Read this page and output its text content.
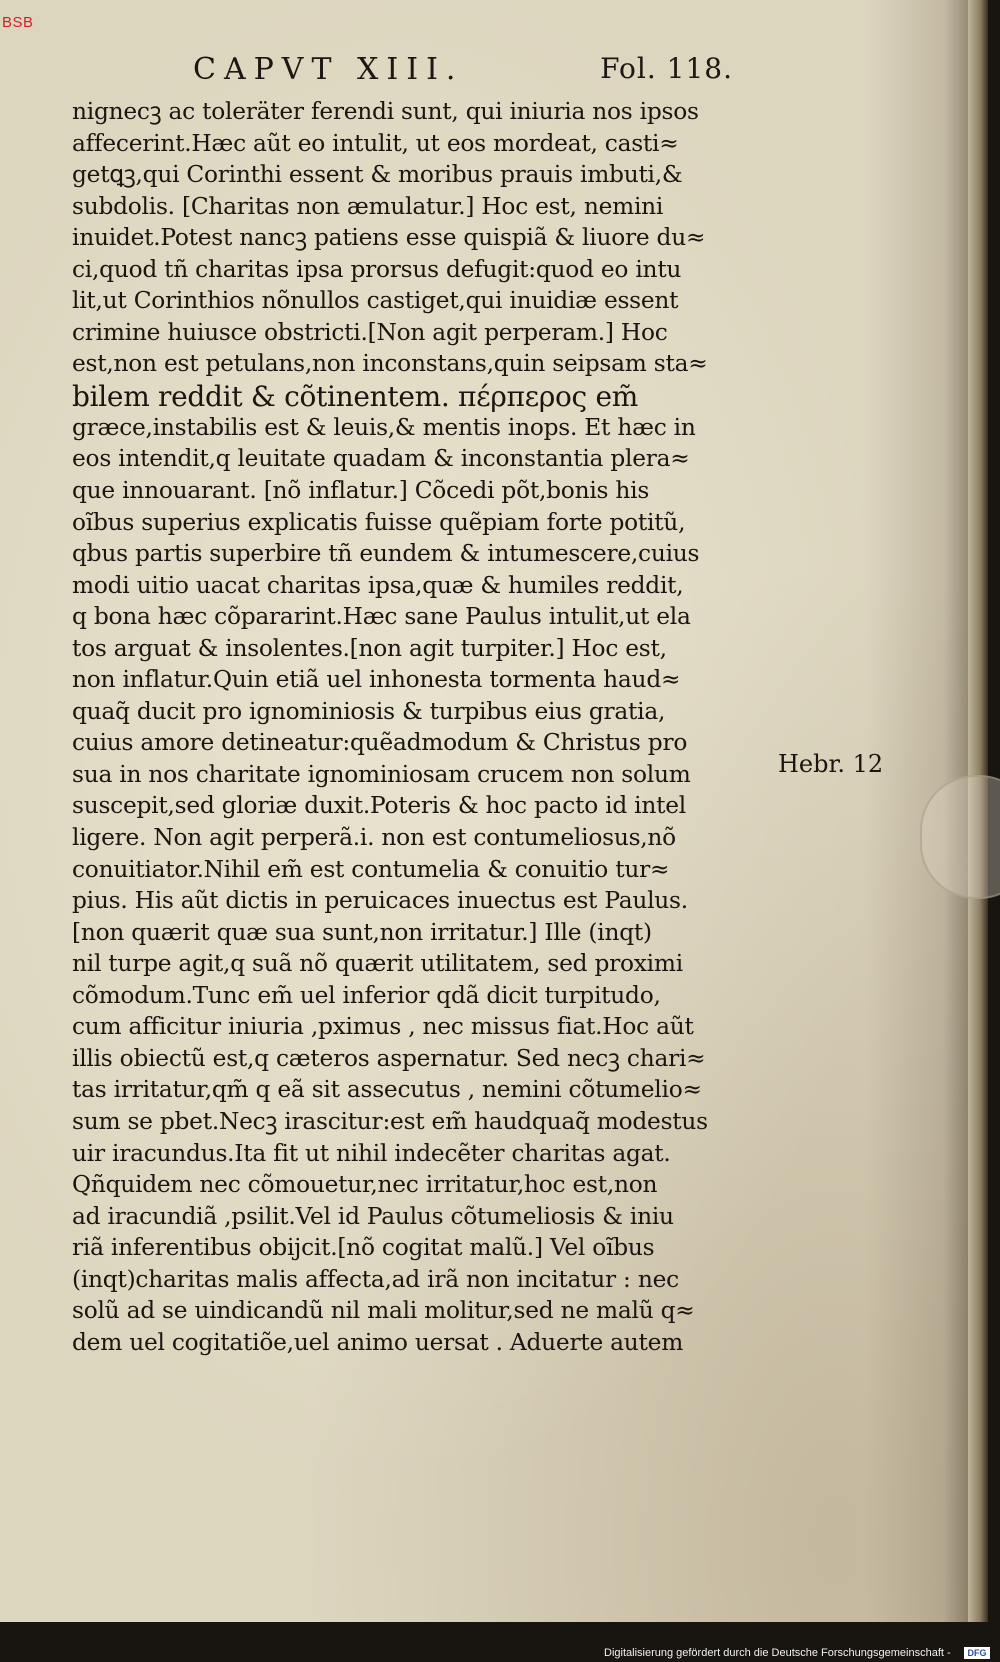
CAPVT XIII.	Fol. 118.
nignecꝫ ac toleräter ferendi sunt, qui iniuria nos ipsos
affecerint.Hæc aũt eo intulit, ut eos mordeat, casti≈
getꝗꝫ,qui Corinthi essent & moribus prauis imbuti,&
subdolis. [Charitas non æmulatur.] Hoc est, nemini
inuidet.Potest nancꝫ patiens esse quispiã & liuore du≈
ci,quod tñ charitas ipsa prorsus defugit:quod eo intu
lit,ut Corinthios nõnullos castiget,qui inuidiæ essent
crimine huiusce obstricti.[Non agit perperam.] Hoc
est,non est petulans,non inconstans,quin seipsam sta≈
bilem reddit & cõtinentem. πέρπερος em̃
græce,instabilis est & leuis,& mentis inops. Et hæc in
eos intendit,q leuitate quadam & inconstantia plera≈
que innouarant. [nõ inflatur.] Cõcedi põt,bonis his
oĩbus superius explicatis fuisse quẽpiam forte potitũ,
qbus partis superbire tñ eundem & intumescere,cuius
modi uitio uacat charitas ipsa,quæ & humiles reddit,
q bona hæc cõpararint.Hæc sane Paulus intulit,ut ela
tos arguat & insolentes.[non agit turpiter.] Hoc est,
non inflatur.Quin etiã uel inhonesta tormenta haud≈
quaq̃ ducit pro ignominiosis & turpibus eius gratia,
cuius amore detineatur:quẽadmodum & Christus pro
sua in nos charitate ignominiosam crucem non solum
suscepit,sed gloriæ duxit.Poteris & hoc pacto id intel
ligere. Non agit perperã.i. non est contumeliosus,nõ
conuitiator.Nihil em̃ est contumelia & conuitio tur≈
pius. His aũt dictis in peruicaces inuectus est Paulus.
[non quærit quæ sua sunt,non irritatur.] Ille (inqt)
nil turpe agit,q suã nõ quærit utilitatem, sed proximi
cõmodum.Tunc em̃ uel inferior qdã dicit turpitudo,
cum afficitur iniuria ,pximus , nec missus fiat.Hoc aũt
illis obiectũ est,q cæteros aspernatur. Sed necꝫ chari≈
tas irritatur,qm̃ q eã sit assecutus , nemini cõtumelio≈
sum se pbet.Necꝫ irascitur:est em̃ haudquaq̃ modestus
uir iracundus.Ita fit ut nihil indecẽter charitas agat.
Qñquidem nec cõmouetur,nec irritatur,hoc est,non
ad iracundiã ,psilit.Vel id Paulus cõtumeliosis & iniu
riã inferentibus obijcit.[nõ cogitat malũ.] Vel oĩbus
(inqt)charitas malis affecta,ad irã non incitatur : nec
solũ ad se uindicandũ nil mali molitur,sed ne malũ q≈
dem uel cogitatiõe,uel animo uersat . Aduerte autem
Hebr. 12
BSB
Digitalisierung gefördert durch die Deutsche Forschungsgemeinschaft -	DFG
